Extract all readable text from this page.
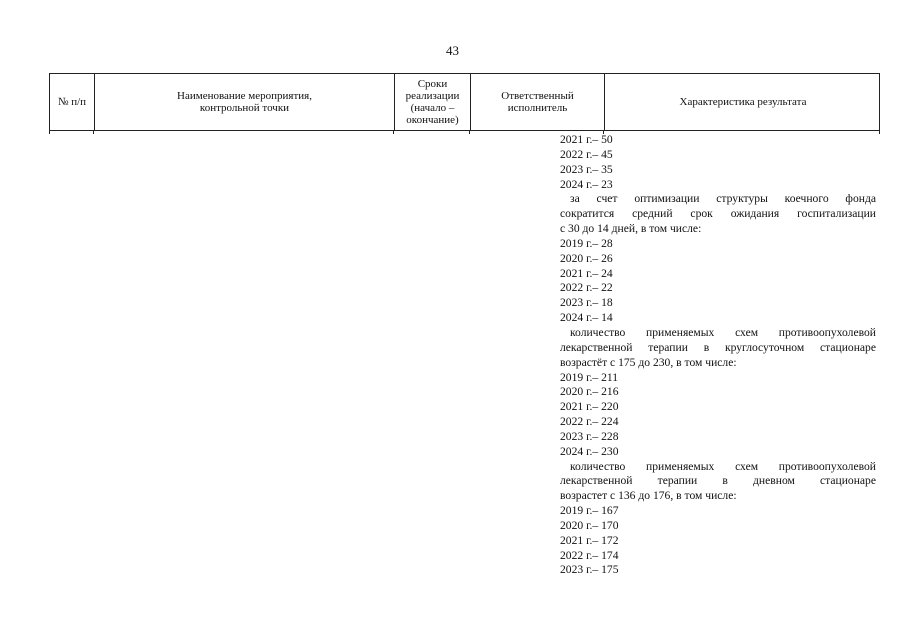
43
№ п/п	Наименование мероприятия,
контрольной точки
Сроки
реализации
(начало –
окончание)
Ответственный
исполнитель	Характеристика результата
2021 г.– 50
2022 г.– 45
2023 г.– 35
2024 г.– 23
за счет оптимизации структуры коечного фонда
сократится средний срок ожидания госпитализации
с 30 до 14 дней, в том числе:
2019 г.– 28
2020 г.– 26
2021 г.– 24
2022 г.– 22
2023 г.– 18
2024 г.– 14
количество применяемых схем противоопухолевой
лекарственной терапии в круглосуточном стационаре
возрастёт с 175 до 230, в том числе:
2019 г.– 211
2020 г.– 216
2021 г.– 220
2022 г.– 224
2023 г.– 228
2024 г.– 230
количество применяемых схем противоопухолевой
лекарственной терапии в дневном стационаре
возрастет с 136 до 176, в том числе:
2019 г.– 167
2020 г.– 170
2021 г.– 172
2022 г.– 174
2023 г.– 175
